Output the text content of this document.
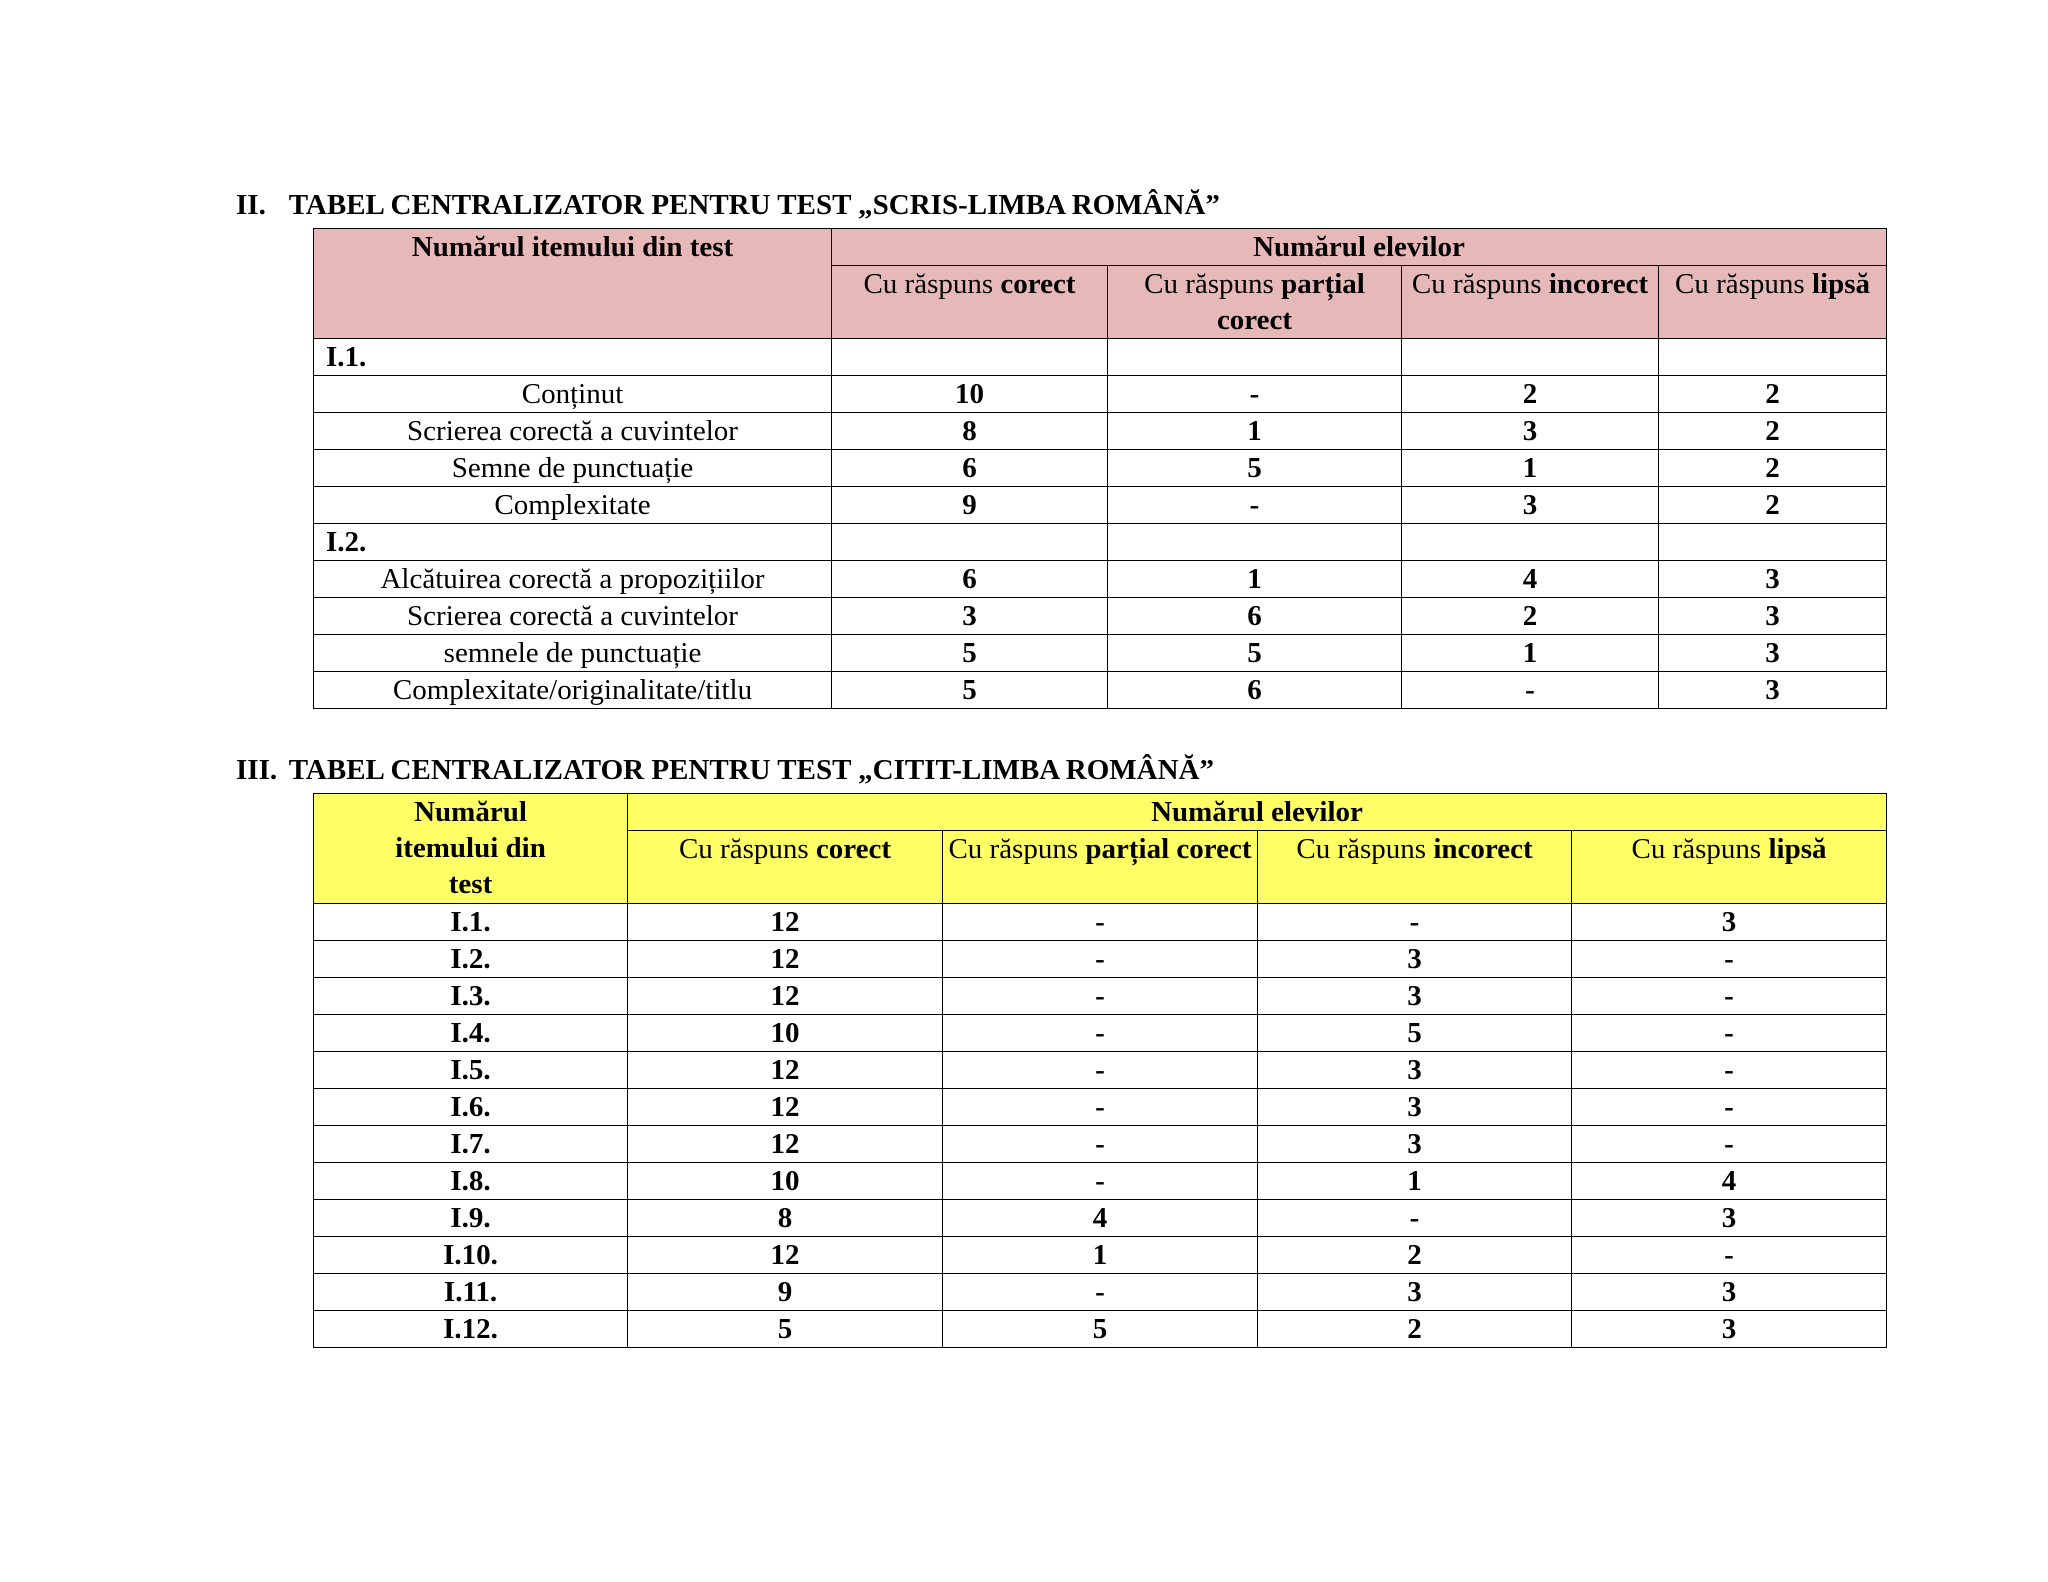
II. TABEL CENTRALIZATOR PENTRU TEST „SCRIS-LIMBA ROMÂNĂ”
Numărul itemului din test	Numărul elevilor			
	Cu răspuns corect	Cu răspuns parțial corect	Cu răspuns incorect	Cu răspuns lipsă
I.1.				
Conținut	10	-	2	2
Scrierea corectă a cuvintelor	8	1	3	2
Semne de punctuație	6	5	1	2
Complexitate	9	-	3	2
I.2.				
Alcătuirea corectă a propozițiilor	6	1	4	3
Scrierea corectă a cuvintelor	3	6	2	3
semnele de punctuație	5	5	1	3
Complexitate/originalitate/titlu	5	6	-	3
III. TABEL CENTRALIZATOR PENTRU TEST „CITIT-LIMBA ROMÂNĂ”
Numărul itemului din test	Numărul elevilor			
	Cu răspuns corect	Cu răspuns parțial corect	Cu răspuns incorect	Cu răspuns lipsă
I.1.	12	-	-	3
I.2.	12	-	3	-
I.3.	12	-	3	-
I.4.	10	-	5	-
I.5.	12	-	3	-
I.6.	12	-	3	-
I.7.	12	-	3	-
I.8.	10	-	1	4
I.9.	8	4	-	3
I.10.	12	1	2	-
I.11.	9	-	3	3
I.12.	5	5	2	3
